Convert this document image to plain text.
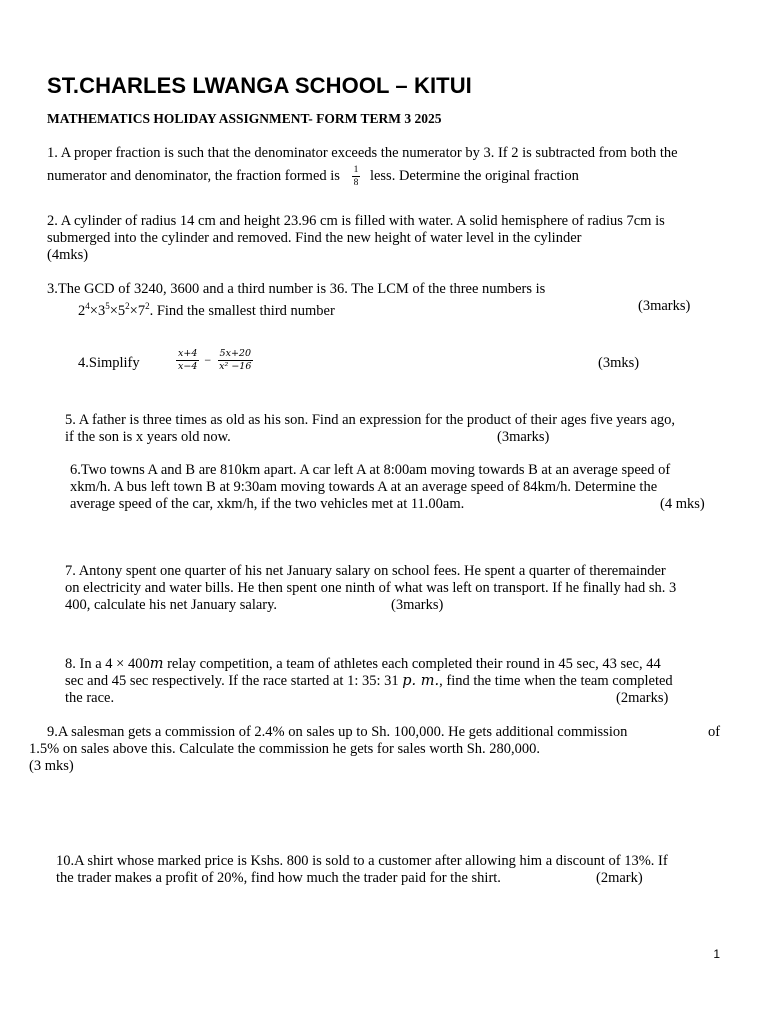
ST.CHARLES LWANGA SCHOOL – KITUI
MATHEMATICS HOLIDAY ASSIGNMENT- FORM TERM 3 2025
1. A proper fraction is such that the denominator exceeds the numerator by 3. If 2 is subtracted from both the
numerator and denominator, the fraction formed is $\frac{1}{8}$ less. Determine the original fraction
2. A cylinder of radius 14 cm and height 23.96 cm is filled with water. A solid hemisphere of radius 7cm is
submerged into the cylinder and removed. Find the new height of water level in the cylinder
(4mks)
3.The GCD of 3240, 3600 and a third number is 36. The LCM of the three numbers is
$2^4\times 3^5\times 5^2\times 7^2$. Find the smallest third number	(3marks)
4.Simplify	$\frac{x+4}{x-4} - \frac{5x+20}{\text{x² −16}}$	(3mks)
5. A father is three times as old as his son. Find an expression for the product of their ages five years ago,
if the son is x years old now.	(3marks)
6.Two towns A and B are 810km apart. A car left A at 8:00am moving towards B at an average speed of
xkm/h. A bus left town B at 9:30am moving towards A at an average speed of 84km/h. Determine the
average speed of the car, xkm/h, if the two vehicles met at 11.00am.	(4 mks)
7. Antony spent one quarter of his net January salary on school fees. He spent a quarter of theremainder
on electricity and water bills. He then spent one ninth of what was left on transport. If he finally had sh. 3
400, calculate his net January salary.	(3marks)
8. In a 4 × 400m relay competition, a team of athletes each completed their round in 45 sec, 43 sec, 44
sec and 45 sec respectively. If the race started at 1: 35: 31 p. m., find the time when the team completed
the race.	(2marks)
9.A salesman gets a commission of 2.4% on sales up to Sh. 100,000. He gets additional commission	of
1.5% on sales above this. Calculate the commission he gets for sales worth Sh. 280,000.
(3 mks)
10.A shirt whose marked price is Kshs. 800 is sold to a customer after allowing him a discount of 13%. If
the trader makes a profit of 20%, find how much the trader paid for the shirt.	(2mark)
1
